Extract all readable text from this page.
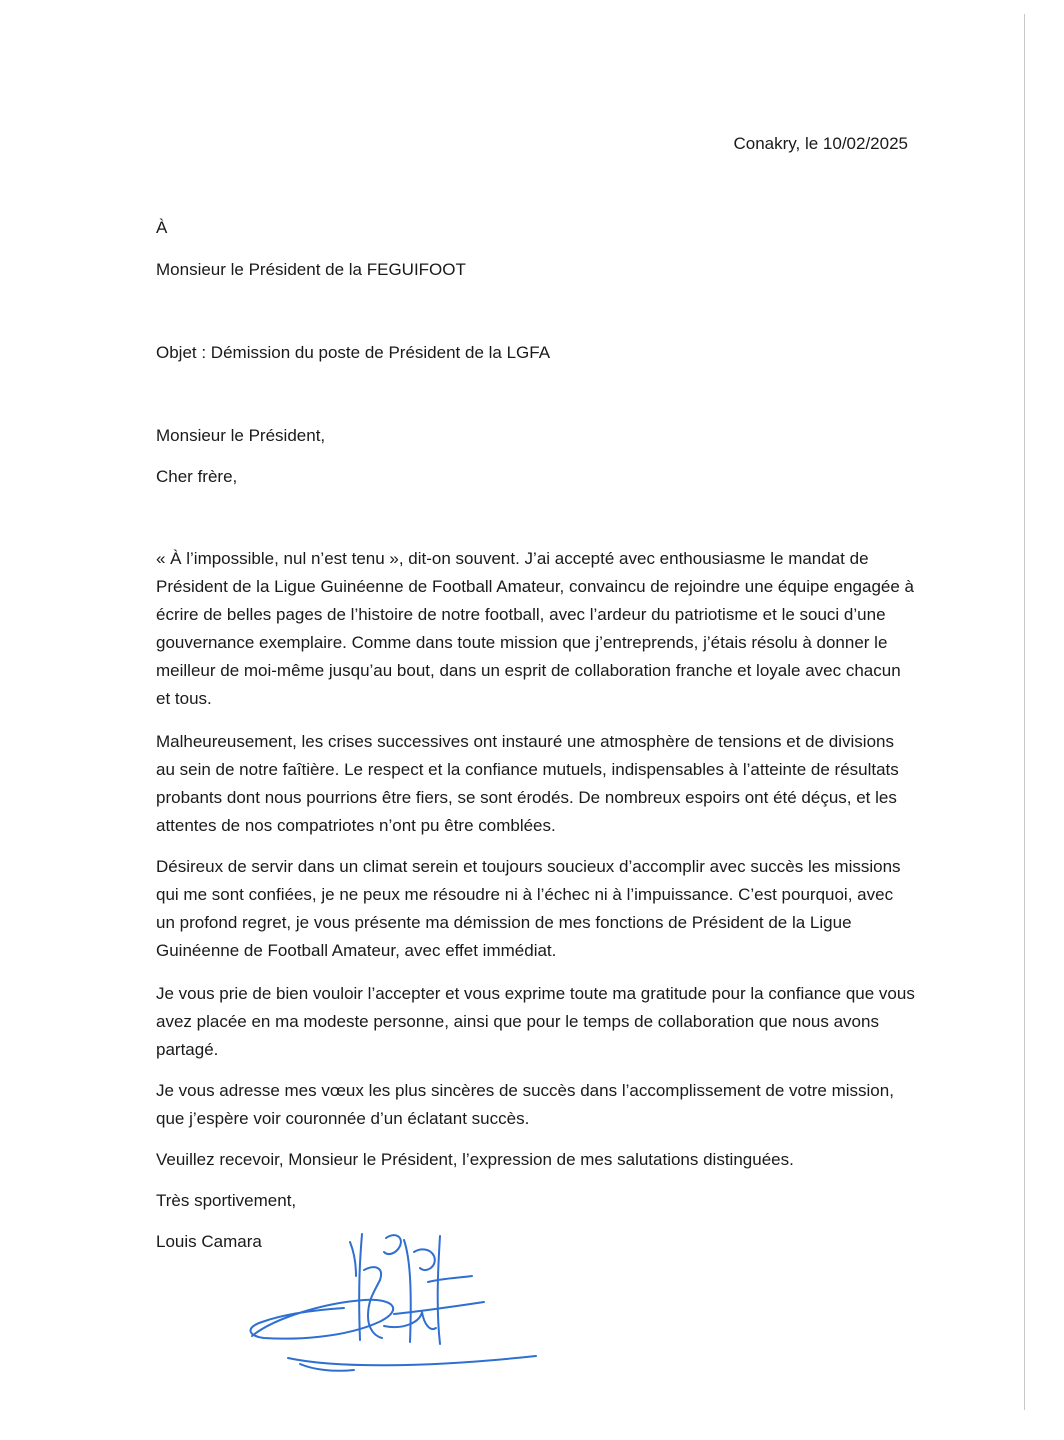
Conakry, le 10/02/2025
À
Monsieur le Président de la FEGUIFOOT
Objet : Démission du poste de Président de la LGFA
Monsieur le Président,
Cher frère,

« À l’impossible, nul n’est tenu », dit-on souvent. J’ai accepté avec enthousiasme le mandat de Président de la Ligue Guinéenne de Football Amateur, convaincu de rejoindre une équipe engagée à écrire de belles pages de l’histoire de notre football, avec l’ardeur du patriotisme et le souci d’une gouvernance exemplaire. Comme dans toute mission que j’entreprends, j’étais résolu à donner le meilleur de moi-même jusqu’au bout, dans un esprit de collaboration franche et loyale avec chacun et tous.

Malheureusement, les crises successives ont instauré une atmosphère de tensions et de divisions au sein de notre faîtière. Le respect et la confiance mutuels, indispensables à l’atteinte de résultats probants dont nous pourrions être fiers, se sont érodés. De nombreux espoirs ont été déçus, et les attentes de nos compatriotes n’ont pu être comblées.

Désireux de servir dans un climat serein et toujours soucieux d’accomplir avec succès les missions qui me sont confiées, je ne peux me résoudre ni à l’échec ni à l’impuissance. C’est pourquoi, avec un profond regret, je vous présente ma démission de mes fonctions de Président de la Ligue Guinéenne de Football Amateur, avec effet immédiat.

Je vous prie de bien vouloir l’accepter et vous exprime toute ma gratitude pour la confiance que vous avez placée en ma modeste personne, ainsi que pour le temps de collaboration que nous avons partagé.

Je vous adresse mes vœux les plus sincères de succès dans l’accomplissement de votre mission, que j’espère voir couronnée d’un éclatant succès.

Veuillez recevoir, Monsieur le Président, l’expression de mes salutations distinguées.
Très sportivement,
Louis Camara
